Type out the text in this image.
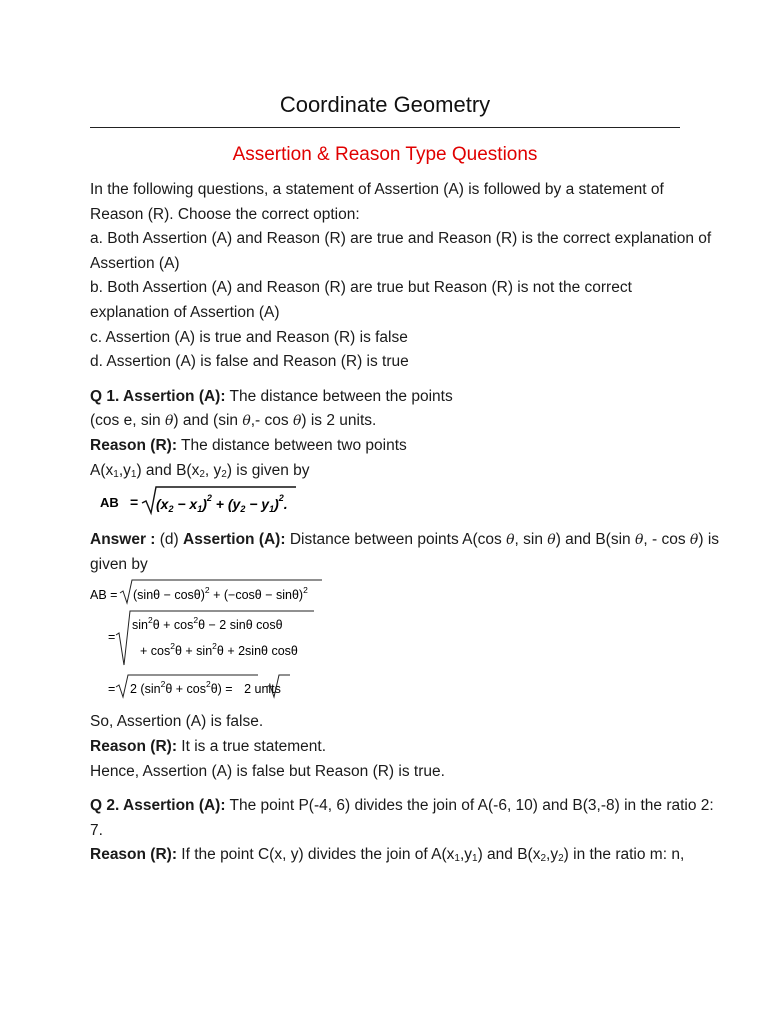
Coordinate Geometry
Assertion & Reason Type Questions
In the following questions, a statement of Assertion (A) is followed by a statement of
Reason (R). Choose the correct option:
a. Both Assertion (A) and Reason (R) are true and Reason (R) is the correct explanation of
Assertion (A)
b. Both Assertion (A) and Reason (R) are true but Reason (R) is not the correct
explanation of Assertion (A)
c. Assertion (A) is true and Reason (R) is false
d. Assertion (A) is false and Reason (R) is true
Q 1. Assertion (A): The distance between the points
(cos e, sin θ) and (sin θ,- cos θ) is 2 units.
Reason (R): The distance between two points
$A(x_1,y_1)$ and $B(x_2$, $y_2$) is given by
AB = $(x_2 - x_1)^2 + (y_2 - y_1)^2$.
Answer : (d) Assertion (A): Distance between points A(cos θ, sin θ) and B(sin θ, - cos θ) is
given by
AB = $(\sin\theta - \cos\theta)^2 + (-\cos\theta - \sin\theta)^2$
=
$\sin^2\theta + \cos^2\theta - 2$ sinθ cosθ
+ $\cos^2\theta + \sin^2\theta + 2\sin\theta$ cosθ
= 2 $(\sin^2\theta + \cos^2\theta) = 2$ units
So, Assertion (A) is false.
Reason (R): It is a true statement.
Hence, Assertion (A) is false but Reason (R) is true.
Q 2. Assertion (A): The point P(-4, 6) divides the join of A(-6, 10) and B(3,-8) in the ratio 2:
7.
Reason (R): If the point C(x, y) divides the join of $A(x_1,y_1)$ and $B(x_2,y_2)$ in the ratio m: n,
